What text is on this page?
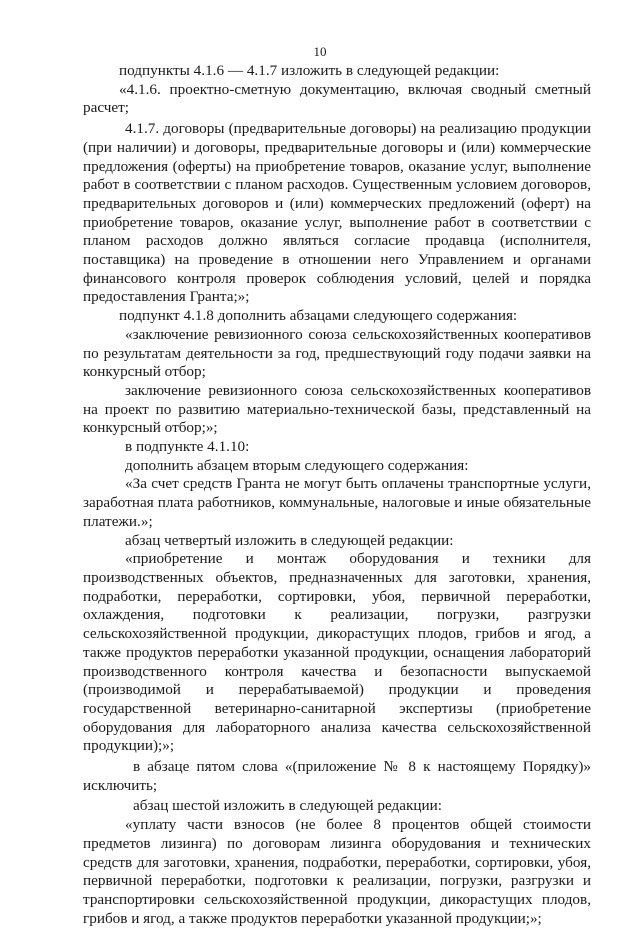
10

подпункты 4.1.6 — 4.1.7 изложить в следующей редакции:

«4.1.6. проектно-сметную документацию, включая сводный сметный расчет;

4.1.7. договоры (предварительные договоры) на реализацию продукции (при наличии) и договоры, предварительные договоры и (или) коммерческие предложения (оферты) на приобретение товаров, оказание услуг, выполнение работ в соответствии с планом расходов. Существенным условием договоров, предварительных договоров и (или) коммерческих предложений (оферт) на приобретение товаров, оказание услуг, выполнение работ в соответствии с планом расходов должно являться согласие продавца (исполнителя, поставщика) на проведение в отношении него Управлением и органами финансового контроля проверок соблюдения условий, целей и порядка предоставления Гранта;»;

подпункт 4.1.8 дополнить абзацами следующего содержания:

«заключение ревизионного союза сельскохозяйственных кооперативов по результатам деятельности за год, предшествующий году подачи заявки на конкурсный отбор;

заключение ревизионного союза сельскохозяйственных кооперативов на проект по развитию материально-технической базы, представленный на конкурсный отбор;»;

в подпункте 4.1.10:

дополнить абзацем вторым следующего содержания:

«За счет средств Гранта не могут быть оплачены транспортные услуги, заработная плата работников, коммунальные, налоговые и иные обязательные платежи.»;

абзац четвертый изложить в следующей редакции:

«приобретение и монтаж оборудования и техники для производственных объектов, предназначенных для заготовки, хранения, подработки, переработки, сортировки, убоя, первичной переработки, охлаждения, подготовки к реализации, погрузки, разгрузки сельскохозяйственной продукции, дикорастущих плодов, грибов и ягод, а также продуктов переработки указанной продукции, оснащения лабораторий производственного контроля качества и безопасности выпускаемой (производимой и перерабатываемой) продукции и проведения государственной ветеринарно-санитарной экспертизы (приобретение оборудования для лабораторного анализа качества сельскохозяйственной продукции);»;

в абзаце пятом слова «(приложение № 8 к настоящему Порядку)» исключить;

абзац шестой изложить в следующей редакции:

«уплату части взносов (не более 8 процентов общей стоимости предметов лизинга) по договорам лизинга оборудования и технических средств для заготовки, хранения, подработки, переработки, сортировки, убоя, первичной переработки, подготовки к реализации, погрузки, разгрузки и транспортировки сельскохозяйственной продукции, дикорастущих плодов, грибов и ягод, а также продуктов переработки указанной продукции;»;
